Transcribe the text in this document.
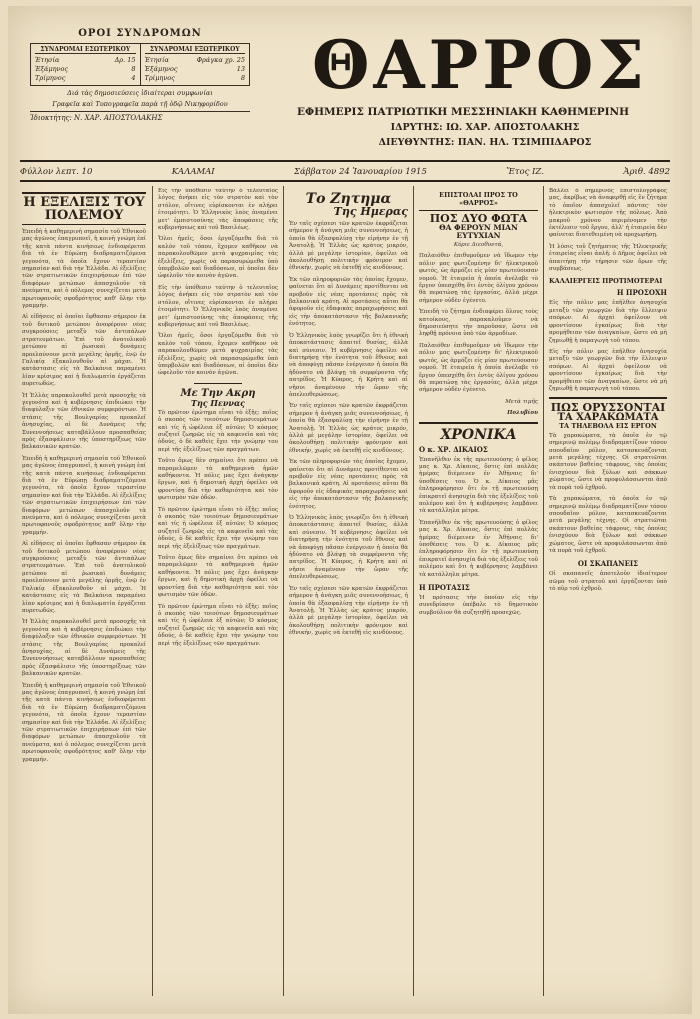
ΟΡΟΙ ΣΥΝΔΡΟΜΩΝ
ΣΥΝΔΡΟΜΑΙ ΕΣΩΤΕΡΙΚΟΥ
Ἐτησία	Δρ. 15
Ἑξάμηνος	8
Τρίμηνος	4
ΣΥΝΔΡΟΜΑΙ ΕΞΩΤΕΡΙΚΟΥ
Ἐτησία	Φράγκα χρ. 25
Ἑξάμηνος	13
Τρίμηνος	8
Διά τὰς δημοσιεύσεις ἰδιαίτεραι συμφωνίαι
Γραφεῖα καὶ Τυπογραφεῖα παρὰ τῇ ὁδῷ Νικηφορίδου
Ἰδιοκτήτης: Ν. ΧΑΡ. ΑΠΟΣΤΟΛΑΚΗΣ
ΘΑΡΡΟΣ
ΕΦΗΜΕΡΙΣ ΠΑΤΡΙΩΤΙΚΗ ΜΕΣΣΗΝΙΑΚΗ ΚΑΘΗΜΕΡΙΝΗ
ΙΔΡΥΤΗΣ: ΙΩ. ΧΑΡ. ΑΠΟΣΤΟΛΑΚΗΣ
ΔΙΕΥΘΥΝΤΗΣ: ΠΑΝ. ΗΛ. ΤΣΙΜΠΙΔΑΡΟΣ
Φύλλον λεπτ. 10	ΚΑΛΑΜΑΙ	Σάββατον 24 Ἰανουαρίου 1915	Ἔτος ΙΖ.	Ἀριθ. 4892
Η ΕΞΕΛΙΞΙΣ ΤΟΥ ΠΟΛΕΜΟΥ

Ἐπειδὴ ἡ καθημερινὴ σημασία τοῦ Ἐθνικοῦ μας ἀγῶνος ἐπαγρυπνεῖ, ἡ κοινὴ γνώμη ἐπί τῆς κατὰ πάντα κινήσεως ἐνδιαφέρεται διὰ τὰ ἐν Εὐρώπῃ διαδραματιζόμενα γεγονότα, τὰ ὁποῖα ἔχουν τεραστίαν σημασίαν καὶ διὰ τὴν Ἑλλάδα. Αἱ ἐξελίξεις τῶν στρατιωτικῶν ἐπιχειρήσεων ἐπὶ τῶν διαφόρων μετώπων ἀπασχολοῦν τὰ πνεύματα, καὶ ὁ πόλεμος συνεχίζεται μετὰ πρωτοφανοῦς σφοδρότητος καθ' ὅλην τὴν γραμμήν.

Αἱ εἰδήσεις αἱ ὁποῖαι ἔφθασαν σήμερον ἐκ τοῦ δυτικοῦ μετώπου ἀναφέρουν νέας συγκρούσεις μεταξὺ τῶν ἀντιπάλων στρατευμάτων. Ἐπὶ τοῦ ἀνατολικοῦ μετώπου αἱ ῥωσικαὶ δυνάμεις προελαύνουν μετὰ μεγάλης ὁρμῆς, ἐνῷ ἐν Γαλικίᾳ ἐξακολουθοῦν αἱ μάχαι. Ἡ κατάστασις εἰς τὰ Βαλκάνια παραμένει λίαν κρίσιμος καὶ ἡ διπλωματία ἐργάζεται πυρετωδῶς.

Ἡ Ἑλλὰς παρακολουθεῖ μετὰ προσοχῆς τὰ γεγονότα καὶ ἡ κυβέρνησις ἐπιδιώκει τὴν διαφύλαξιν τῶν ἐθνικῶν συμφερόντων. Ἡ στάσις τῆς Βουλγαρίας προκαλεῖ ἀνησυχίας, αἱ δὲ Δυνάμεις τῆς Συνεννοήσεως καταβάλλουν προσπαθείας πρὸς ἐξασφάλισιν τῆς ὑποστηρίξεως τῶν βαλκανικῶν κρατῶν.

Ἐπειδὴ ἡ καθημερινὴ σημασία τοῦ Ἐθνικοῦ μας ἀγῶνος ἐπαγρυπνεῖ, ἡ κοινὴ γνώμη ἐπί τῆς κατὰ πάντα κινήσεως ἐνδιαφέρεται διὰ τὰ ἐν Εὐρώπῃ διαδραματιζόμενα γεγονότα, τὰ ὁποῖα ἔχουν τεραστίαν σημασίαν καὶ διὰ τὴν Ἑλλάδα. Αἱ ἐξελίξεις τῶν στρατιωτικῶν ἐπιχειρήσεων ἐπὶ τῶν διαφόρων μετώπων ἀπασχολοῦν τὰ πνεύματα, καὶ ὁ πόλεμος συνεχίζεται μετὰ πρωτοφανοῦς σφοδρότητος καθ' ὅλην τὴν γραμμήν.

Αἱ εἰδήσεις αἱ ὁποῖαι ἔφθασαν σήμερον ἐκ τοῦ δυτικοῦ μετώπου ἀναφέρουν νέας συγκρούσεις μεταξὺ τῶν ἀντιπάλων στρατευμάτων. Ἐπὶ τοῦ ἀνατολικοῦ μετώπου αἱ ῥωσικαὶ δυνάμεις προελαύνουν μετὰ μεγάλης ὁρμῆς, ἐνῷ ἐν Γαλικίᾳ ἐξακολουθοῦν αἱ μάχαι. Ἡ κατάστασις εἰς τὰ Βαλκάνια παραμένει λίαν κρίσιμος καὶ ἡ διπλωματία ἐργάζεται πυρετωδῶς.

Ἡ Ἑλλὰς παρακολουθεῖ μετὰ προσοχῆς τὰ γεγονότα καὶ ἡ κυβέρνησις ἐπιδιώκει τὴν διαφύλαξιν τῶν ἐθνικῶν συμφερόντων. Ἡ στάσις τῆς Βουλγαρίας προκαλεῖ ἀνησυχίας, αἱ δὲ Δυνάμεις τῆς Συνεννοήσεως καταβάλλουν προσπαθείας πρὸς ἐξασφάλισιν τῆς ὑποστηρίξεως τῶν βαλκανικῶν κρατῶν.

Ἐπειδὴ ἡ καθημερινὴ σημασία τοῦ Ἐθνικοῦ μας ἀγῶνος ἐπαγρυπνεῖ, ἡ κοινὴ γνώμη ἐπί τῆς κατὰ πάντα κινήσεως ἐνδιαφέρεται διὰ τὰ ἐν Εὐρώπῃ διαδραματιζόμενα γεγονότα, τὰ ὁποῖα ἔχουν τεραστίαν σημασίαν καὶ διὰ τὴν Ἑλλάδα. Αἱ ἐξελίξεις τῶν στρατιωτικῶν ἐπιχειρήσεων ἐπὶ τῶν διαφόρων μετώπων ἀπασχολοῦν τὰ πνεύματα, καὶ ὁ πόλεμος συνεχίζεται μετὰ πρωτοφανοῦς σφοδρότητος καθ' ὅλην τὴν γραμμήν.

Εἰς τὴν ὑπόθεσιν ταύτην ὁ τελευταῖος λόγος ἀνήκει εἰς τὸν στρατὸν καὶ τὸν στόλον, οἵτινες εὑρίσκονται ἐν πλήρει ἑτοιμότητι. Ὁ Ἑλληνικὸς λαὸς ἀναμένει μετ' ἐμπιστοσύνης τὰς ἀποφάσεις τῆς κυβερνήσεως καὶ τοῦ Βασιλέως.

Ὅλοι ἡμεῖς, ὅσοι ἐργαζόμεθα διὰ τὸ καλὸν τοῦ τόπου, ἔχομεν καθῆκον νὰ παρακολουθῶμεν μετὰ ψυχραιμίας τὰς ἐξελίξεις, χωρὶς νὰ παρασυρώμεθα ὑπὸ ὑπερβολῶν καὶ διαδόσεων, αἱ ὁποῖαι δὲν ὠφελοῦν τὸν κοινὸν ἀγῶνα.

Εἰς τὴν ὑπόθεσιν ταύτην ὁ τελευταῖος λόγος ἀνήκει εἰς τὸν στρατὸν καὶ τὸν στόλον, οἵτινες εὑρίσκονται ἐν πλήρει ἑτοιμότητι. Ὁ Ἑλληνικὸς λαὸς ἀναμένει μετ' ἐμπιστοσύνης τὰς ἀποφάσεις τῆς κυβερνήσεως καὶ τοῦ Βασιλέως.

Ὅλοι ἡμεῖς, ὅσοι ἐργαζόμεθα διὰ τὸ καλὸν τοῦ τόπου, ἔχομεν καθῆκον νὰ παρακολουθῶμεν μετὰ ψυχραιμίας τὰς ἐξελίξεις, χωρὶς νὰ παρασυρώμεθα ὑπὸ ὑπερβολῶν καὶ διαδόσεων, αἱ ὁποῖαι δὲν ὠφελοῦν τὸν κοινὸν ἀγῶνα.

Με Την Ακρη
Της Πεννας

Τὸ πρῶτον ἐρώτημα εἶναι τὸ ἑξῆς: ποῖος ὁ σκοπὸς τῶν τοιούτων δημοσιευμάτων καὶ τίς ἡ ὠφέλεια ἐξ αὐτῶν; Ὁ κόσμος συζητεῖ ζωηρῶς εἰς τὰ καφενεῖα καὶ τὰς ὁδούς, ὁ δὲ καθεὶς ἔχει τὴν γνώμην του περὶ τῆς ἐξελίξεως τῶν πραγμάτων.

Τοῦτο ὅμως δὲν σημαίνει ὅτι πρέπει νὰ παραμελῶμεν τὰ καθημερινὰ ἡμῶν καθήκοντα. Ἡ πόλις μας ἔχει ἀνάγκην ἔργων, καὶ ἡ δημοτικὴ ἀρχὴ ὀφείλει νὰ φροντίσῃ διὰ τὴν καθαριότητα καὶ τὸν φωτισμὸν τῶν ὁδῶν.

Τὸ πρῶτον ἐρώτημα εἶναι τὸ ἑξῆς: ποῖος ὁ σκοπὸς τῶν τοιούτων δημοσιευμάτων καὶ τίς ἡ ὠφέλεια ἐξ αὐτῶν; Ὁ κόσμος συζητεῖ ζωηρῶς εἰς τὰ καφενεῖα καὶ τὰς ὁδούς, ὁ δὲ καθεὶς ἔχει τὴν γνώμην του περὶ τῆς ἐξελίξεως τῶν πραγμάτων.

Τοῦτο ὅμως δὲν σημαίνει ὅτι πρέπει νὰ παραμελῶμεν τὰ καθημερινὰ ἡμῶν καθήκοντα. Ἡ πόλις μας ἔχει ἀνάγκην ἔργων, καὶ ἡ δημοτικὴ ἀρχὴ ὀφείλει νὰ φροντίσῃ διὰ τὴν καθαριότητα καὶ τὸν φωτισμὸν τῶν ὁδῶν.

Τὸ πρῶτον ἐρώτημα εἶναι τὸ ἑξῆς: ποῖος ὁ σκοπὸς τῶν τοιούτων δημοσιευμάτων καὶ τίς ἡ ὠφέλεια ἐξ αὐτῶν; Ὁ κόσμος συζητεῖ ζωηρῶς εἰς τὰ καφενεῖα καὶ τὰς ὁδούς, ὁ δὲ καθεὶς ἔχει τὴν γνώμην του περὶ τῆς ἐξελίξεως τῶν πραγμάτων.

Το Ζητημα
Της Ημερας

Ἐν ταῖς σχέσεσι τῶν κρατῶν ἐκφράζεται σήμερον ἡ ἀνάγκη μιᾶς συνεννοήσεως, ἡ ὁποία θὰ ἐξασφαλίσῃ τὴν εἰρήνην ἐν τῇ Ἀνατολῇ. Ἡ Ἑλλὰς ὡς κράτος μικρόν, ἀλλὰ μὲ μεγάλην ἱστορίαν, ὀφείλει νὰ ἀκολουθήσῃ πολιτικὴν φρόνιμον καὶ ἐθνικήν, χωρὶς νὰ ἐκτεθῇ εἰς κινδύνους.

Ἐκ τῶν πληροφοριῶν τὰς ὁποίας ἔχομεν, φαίνεται ὅτι αἱ Δυνάμεις προτίθενται νὰ προβοῦν εἰς νέας προτάσεις πρὸς τὰ βαλκανικὰ κράτη. Αἱ προτάσεις αὗται θὰ ἀφοροῦν εἰς ἐδαφικὰς παραχωρήσεις καὶ εἰς τὴν ἀποκατάστασιν τῆς βαλκανικῆς ἑνότητος.

Ὁ Ἑλληνικὸς λαὸς γνωρίζει ὅτι ἡ ἐθνικὴ ἀποκατάστασις ἀπαιτεῖ θυσίας, ἀλλὰ καὶ σύνεσιν. Ἡ κυβέρνησις ὀφείλει νὰ διατηρήσῃ τὴν ἑνότητα τοῦ ἔθνους καὶ νὰ ἀποφύγῃ πᾶσαν ἐνέργειαν ἡ ὁποία θὰ ἠδύνατο νὰ βλάψῃ τὰ συμφέροντα τῆς πατρίδος. Ἡ Κύπρος, ἡ Κρήτη καὶ αἱ νῆσοι ἀναμένουν τὴν ὥραν τῆς ἀπελευθερώσεως.

Ἐν ταῖς σχέσεσι τῶν κρατῶν ἐκφράζεται σήμερον ἡ ἀνάγκη μιᾶς συνεννοήσεως, ἡ ὁποία θὰ ἐξασφαλίσῃ τὴν εἰρήνην ἐν τῇ Ἀνατολῇ. Ἡ Ἑλλὰς ὡς κράτος μικρόν, ἀλλὰ μὲ μεγάλην ἱστορίαν, ὀφείλει νὰ ἀκολουθήσῃ πολιτικὴν φρόνιμον καὶ ἐθνικήν, χωρὶς νὰ ἐκτεθῇ εἰς κινδύνους.

Ἐκ τῶν πληροφοριῶν τὰς ὁποίας ἔχομεν, φαίνεται ὅτι αἱ Δυνάμεις προτίθενται νὰ προβοῦν εἰς νέας προτάσεις πρὸς τὰ βαλκανικὰ κράτη. Αἱ προτάσεις αὗται θὰ ἀφοροῦν εἰς ἐδαφικὰς παραχωρήσεις καὶ εἰς τὴν ἀποκατάστασιν τῆς βαλκανικῆς ἑνότητος.

Ὁ Ἑλληνικὸς λαὸς γνωρίζει ὅτι ἡ ἐθνικὴ ἀποκατάστασις ἀπαιτεῖ θυσίας, ἀλλὰ καὶ σύνεσιν. Ἡ κυβέρνησις ὀφείλει νὰ διατηρήσῃ τὴν ἑνότητα τοῦ ἔθνους καὶ νὰ ἀποφύγῃ πᾶσαν ἐνέργειαν ἡ ὁποία θὰ ἠδύνατο νὰ βλάψῃ τὰ συμφέροντα τῆς πατρίδος. Ἡ Κύπρος, ἡ Κρήτη καὶ αἱ νῆσοι ἀναμένουν τὴν ὥραν τῆς ἀπελευθερώσεως.

Ἐν ταῖς σχέσεσι τῶν κρατῶν ἐκφράζεται σήμερον ἡ ἀνάγκη μιᾶς συνεννοήσεως, ἡ ὁποία θὰ ἐξασφαλίσῃ τὴν εἰρήνην ἐν τῇ Ἀνατολῇ. Ἡ Ἑλλὰς ὡς κράτος μικρόν, ἀλλὰ μὲ μεγάλην ἱστορίαν, ὀφείλει νὰ ἀκολουθήσῃ πολιτικὴν φρόνιμον καὶ ἐθνικήν, χωρὶς νὰ ἐκτεθῇ εἰς κινδύνους.

ΕΠΙΣΤΟΛΑΙ ΠΡΟΣ ΤΟ «ΘΑΡΡΟΣ»
ΠΟΣ ΔΥΟ ΦΩΤΑ
ΘΑ ΦΕΡΟΥΝ ΜΙΑΝ ΕΥΤΥΧΙΑΝ

Κύριε Διευθυντά,

Παλαιόθεν ἐπιθυμοῦμεν νὰ ἴδωμεν τὴν πόλιν μας φωτιζομένην δι' ἠλεκτρικοῦ φωτός, ὡς ἁρμόζει εἰς μίαν πρωτεύουσαν νομοῦ. Ἡ ἑταιρεία ἡ ὁποία ἀνέλαβε τὸ ἔργον ὑπεσχέθη ὅτι ἐντὸς ὀλίγου χρόνου θὰ περατώσῃ τὰς ἐργασίας, ἀλλὰ μέχρι σήμερον οὐδὲν ἐγένετο.

Ἐπειδὴ τὸ ζήτημα ἐνδιαφέρει ὅλους τοὺς κατοίκους, παρακαλοῦμεν νὰ δημοσιεύσητε τὴν παροῦσαν, ὥστε νὰ ληφθῇ πρόνοια ὑπὸ τῶν ἁρμοδίων.

Παλαιόθεν ἐπιθυμοῦμεν νὰ ἴδωμεν τὴν πόλιν μας φωτιζομένην δι' ἠλεκτρικοῦ φωτός, ὡς ἁρμόζει εἰς μίαν πρωτεύουσαν νομοῦ. Ἡ ἑταιρεία ἡ ὁποία ἀνέλαβε τὸ ἔργον ὑπεσχέθη ὅτι ἐντὸς ὀλίγου χρόνου θὰ περατώσῃ τὰς ἐργασίας, ἀλλὰ μέχρι σήμερον οὐδὲν ἐγένετο.

Μετὰ τιμῆς

Πολυβίου

ΧΡΟΝΙΚΑ
Ο κ. ΧΡ. ΔΙΚΑΙΟΣ

Ἐπανῆλθεν ἐκ τῆς πρωτευούσης ὁ φίλος μας κ. Χρ. Δίκαιος, ὅστις ἐπὶ πολλὰς ἡμέρας διέμεινεν ἐν Ἀθήναις δι' ὑποθέσεις του. Ὁ κ. Δίκαιος μᾶς ἐπληροφόρησεν ὅτι ἐν τῇ πρωτευούσῃ ἐπικρατεῖ ἀνησυχία διὰ τὰς ἐξελίξεις τοῦ πολέμου καὶ ὅτι ἡ κυβέρνησις λαμβάνει τὰ κατάλληλα μέτρα.

Ἐπανῆλθεν ἐκ τῆς πρωτευούσης ὁ φίλος μας κ. Χρ. Δίκαιος, ὅστις ἐπὶ πολλὰς ἡμέρας διέμεινεν ἐν Ἀθήναις δι' ὑποθέσεις του. Ὁ κ. Δίκαιος μᾶς ἐπληροφόρησεν ὅτι ἐν τῇ πρωτευούσῃ ἐπικρατεῖ ἀνησυχία διὰ τὰς ἐξελίξεις τοῦ πολέμου καὶ ὅτι ἡ κυβέρνησις λαμβάνει τὰ κατάλληλα μέτρα.

Η ΠΡΟΤΑΣΙΣ

Ἡ πρότασις τὴν ὁποίαν εἰς τὴν συνεδρίασιν ὑπέβαλε τὸ δημοτικὸν συμβούλιον θὰ συζητηθῇ προσεχῶς.

Βάλλει ὁ σημερινὸς ἐπιστολογράφος μας, ἀκρίβως νὰ ἀναφερθῇ εἰς ἓν ζήτημα τὸ ὁποῖον ἀπασχολεῖ πάντας· τὸν ἠλεκτρικὸν φωτισμὸν τῆς πόλεως. Ἀπὸ μακροῦ χρόνου περιμένομεν τὴν ἐκτέλεσιν τοῦ ἔργου, ἀλλ' ἡ ἑταιρεία δὲν φαίνεται διατεθειμένη νὰ προχωρήσῃ.

Ἡ λύσις τοῦ ζητήματος τῆς Ἠλεκτρικῆς ἑταιρείας εἶναι ἁπλῆ: ὁ Δῆμος ὀφείλει νὰ ἀπαιτήσῃ τὴν τήρησιν τῶν ὅρων τῆς συμβάσεως.

ΚΑΛΛΙΕΡΓΕΙΣ ΠΡΟΤΙΜΟΤΕΡΑΙ
Η ΠΡΟΣΟΧΗ

Εἰς τὴν πόλιν μας ἐπῆλθεν ἀνησυχία μεταξὺ τῶν γεωργῶν διὰ τὴν ἔλλειψιν σπόρων. Αἱ ἀρχαὶ ὀφείλουν νὰ φροντίσουν ἐγκαίρως διὰ τὴν προμήθειαν τῶν ἀναγκαίων, ὥστε νὰ μὴ ζημιωθῇ ἡ παραγωγὴ τοῦ τόπου.

Εἰς τὴν πόλιν μας ἐπῆλθεν ἀνησυχία μεταξὺ τῶν γεωργῶν διὰ τὴν ἔλλειψιν σπόρων. Αἱ ἀρχαὶ ὀφείλουν νὰ φροντίσουν ἐγκαίρως διὰ τὴν προμήθειαν τῶν ἀναγκαίων, ὥστε νὰ μὴ ζημιωθῇ ἡ παραγωγὴ τοῦ τόπου.

ΠΩΣ ΟΡΥΣΣΟΝΤΑΙ
ΤΑ ΧΑΡΑΚΩΜΑΤΑ
ΤΑ ΤΗΛΕΒΟΛΑ ΕΙΣ ΕΡΓΟΝ

Τὰ χαρακώματα, τὰ ὁποῖα ἐν τῷ σημερινῷ πολέμῳ διαδραματίζουν τόσον σπουδαῖον ρόλον, κατασκευάζονται μετὰ μεγάλης τέχνης. Οἱ στρατιῶται σκάπτουν βαθείας τάφρους, τὰς ὁποίας ἐνισχύουν διὰ ξύλων καὶ σάκκων χώματος, ὥστε νὰ προφυλάσσωνται ἀπὸ τὰ πυρὰ τοῦ ἐχθροῦ.

Τὰ χαρακώματα, τὰ ὁποῖα ἐν τῷ σημερινῷ πολέμῳ διαδραματίζουν τόσον σπουδαῖον ρόλον, κατασκευάζονται μετὰ μεγάλης τέχνης. Οἱ στρατιῶται σκάπτουν βαθείας τάφρους, τὰς ὁποίας ἐνισχύουν διὰ ξύλων καὶ σάκκων χώματος, ὥστε νὰ προφυλάσσωνται ἀπὸ τὰ πυρὰ τοῦ ἐχθροῦ.

ΟΙ ΣΚΑΠΑΝΕΙΣ

Οἱ σκαπανεῖς ἀποτελοῦν ἰδιαίτερον σῶμα τοῦ στρατοῦ καὶ ἐργάζονται ὑπὸ τὸ πῦρ τοῦ ἐχθροῦ.
